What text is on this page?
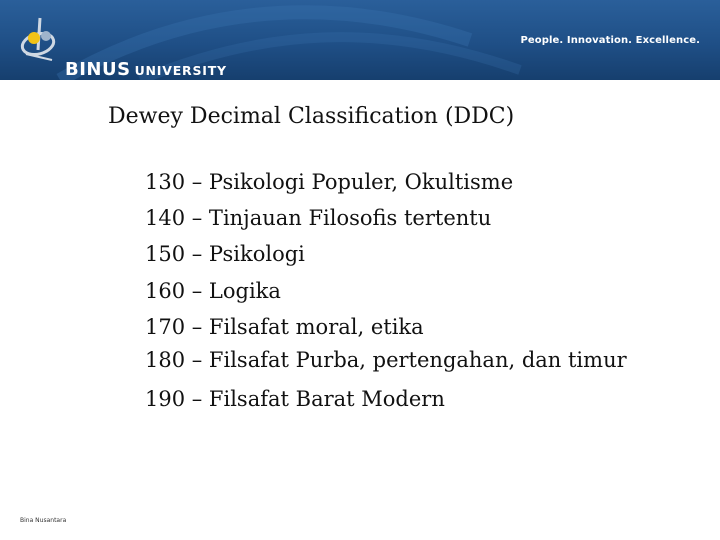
BINUS UNIVERSITY
People. Innovation. Excellence.
Dewey Decimal Classification (DDC)
130 – Psikologi Populer, Okultisme
140 – Tinjauan Filosofis tertentu
150 – Psikologi
160 – Logika
170 – Filsafat moral, etika
180 – Filsafat Purba, pertengahan, dan timur
190 – Filsafat Barat Modern
Bina Nusantara
